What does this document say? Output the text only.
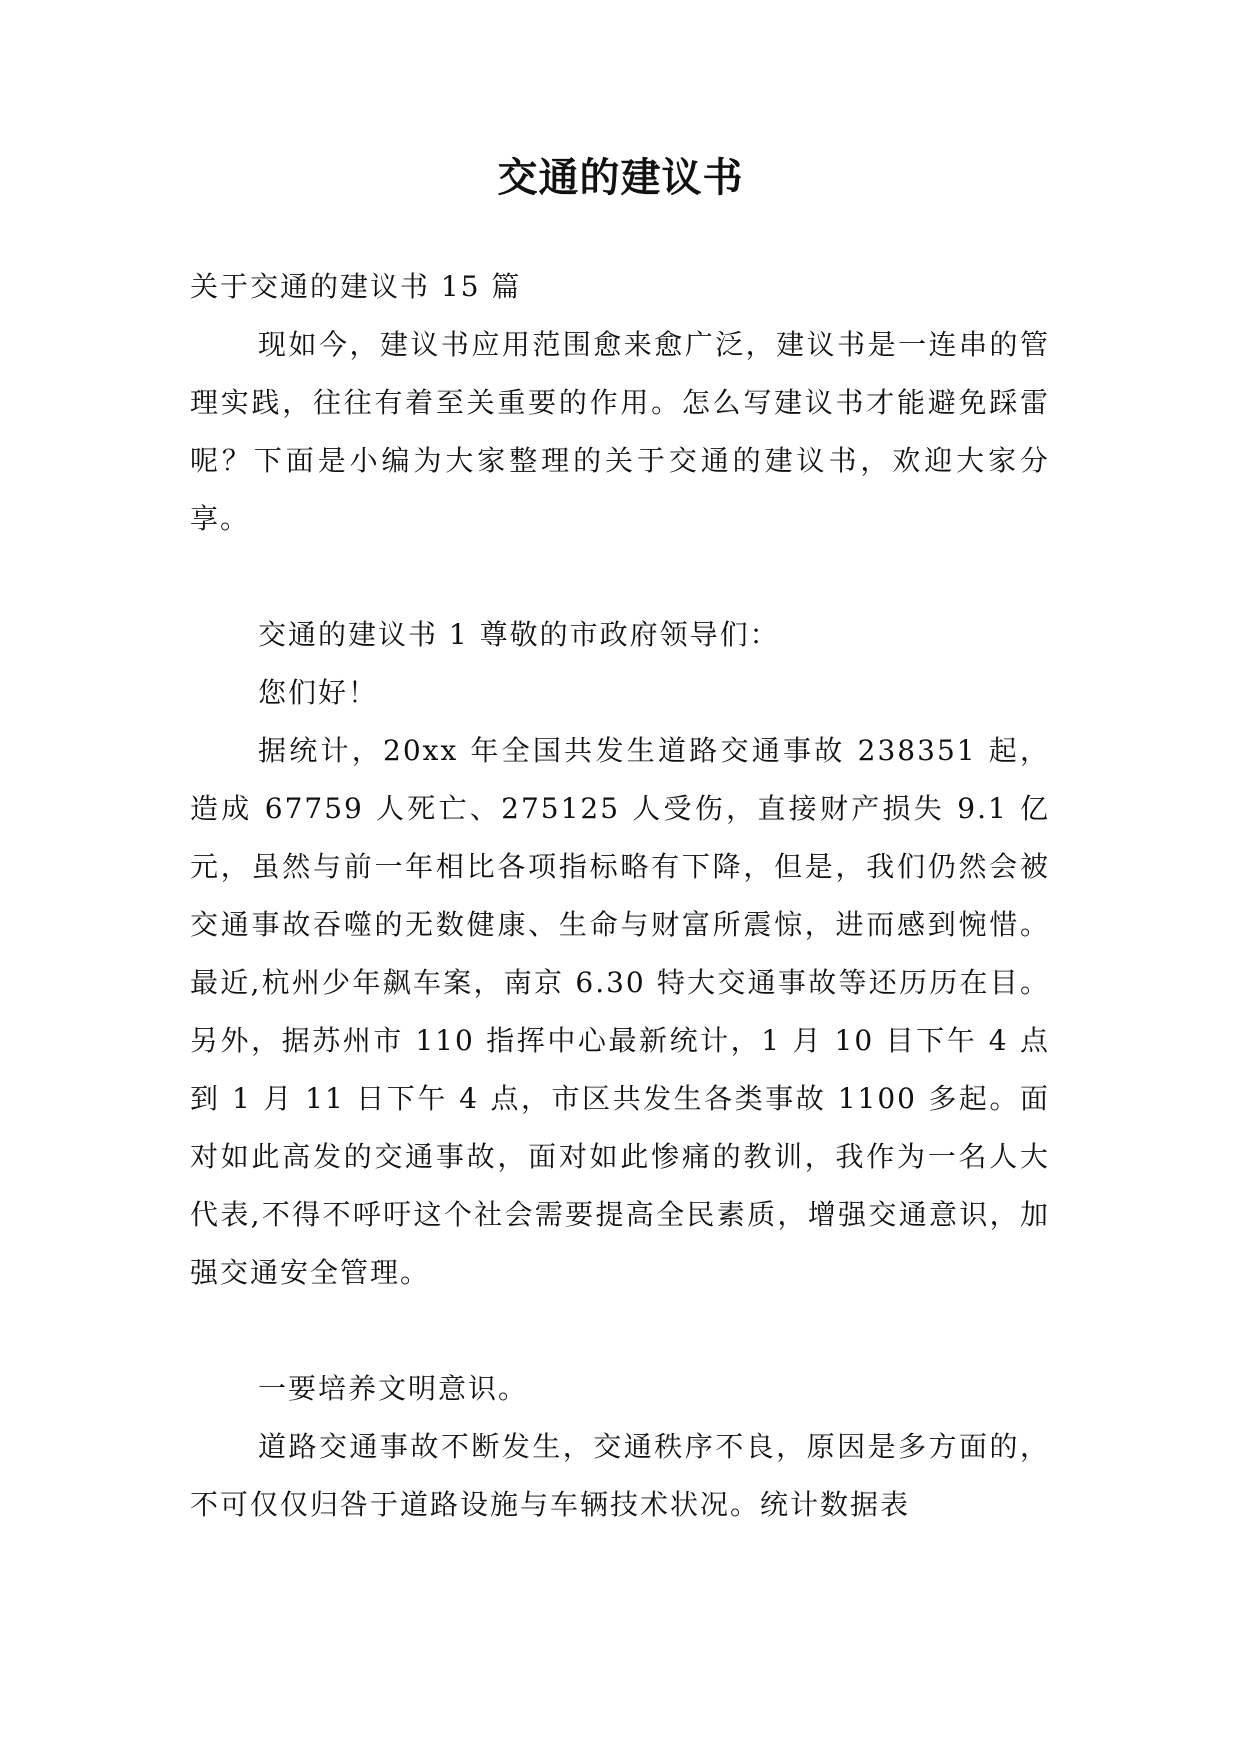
交通的建议书

关于交通的建议书 15 篇

现如今，建议书应用范围愈来愈广泛，建议书是一连串的管理实践，往往有着至关重要的作用。怎么写建议书才能避免踩雷呢？下面是小编为大家整理的关于交通的建议书，欢迎大家分享。

交通的建议书 1 尊敬的市政府领导们：

您们好！

据统计，20xx 年全国共发生道路交通事故 238351 起，造成 67759 人死亡、275125 人受伤，直接财产损失 9.1 亿元，虽然与前一年相比各项指标略有下降，但是，我们仍然会被交通事故吞噬的无数健康、生命与财富所震惊，进而感到惋惜。最近,杭州少年飙车案，南京 6.30 特大交通事故等还历历在目。另外，据苏州市 110 指挥中心最新统计，1 月 10 目下午 4 点到 1 月 11 日下午 4 点，市区共发生各类事故 1100 多起。面对如此高发的交通事故，面对如此惨痛的教训，我作为一名人大代表,不得不呼吁这个社会需要提高全民素质，增强交通意识，加强交通安全管理。

一要培养文明意识。

道路交通事故不断发生，交通秩序不良，原因是多方面的，不可仅仅归咎于道路设施与车辆技术状况。统计数据表
